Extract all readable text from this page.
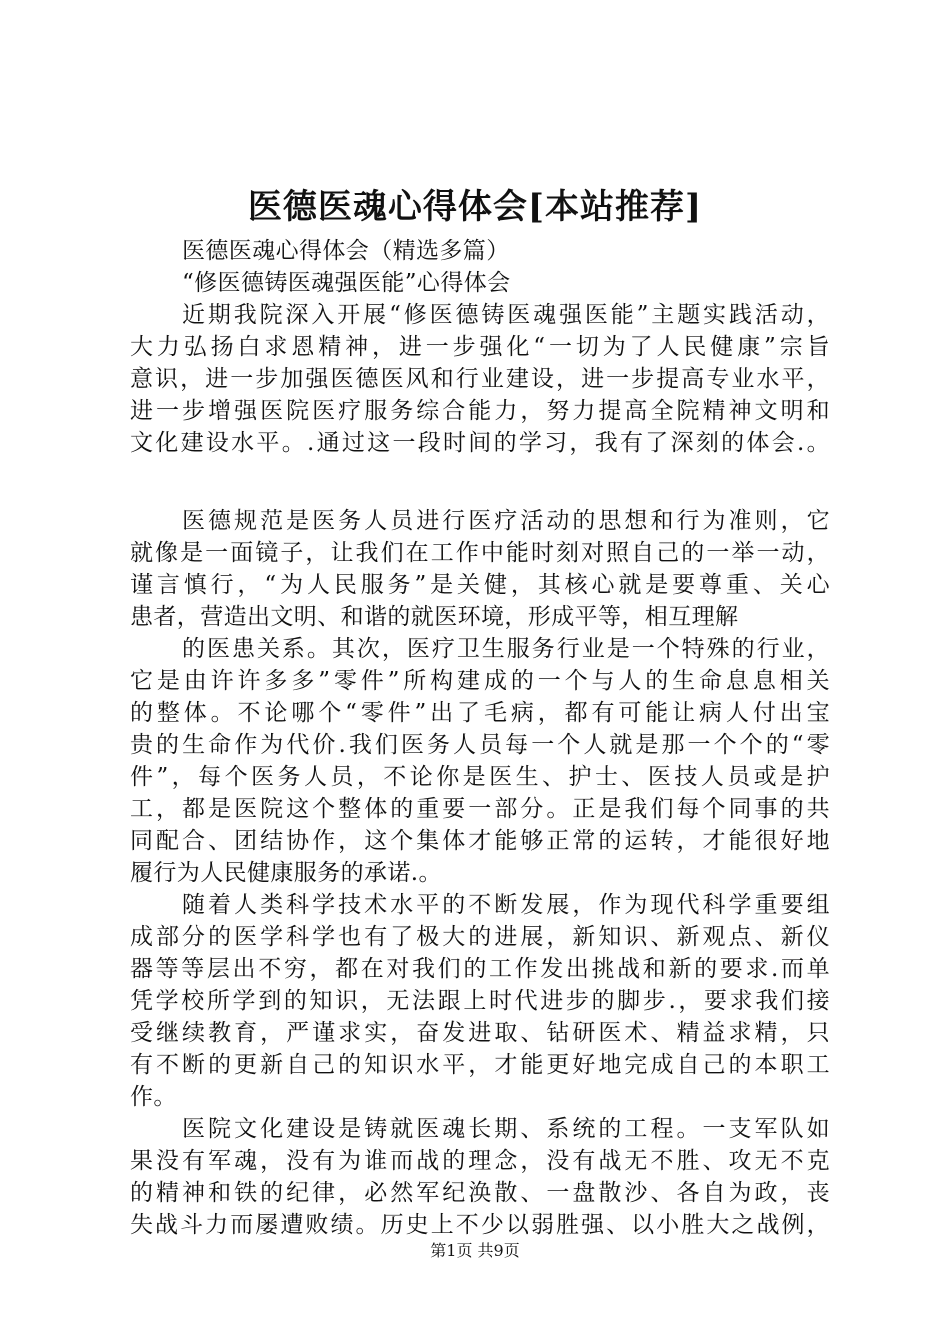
医德医魂心得体会[本站推荐]
医德医魂心得体会（精选多篇）
“修医德铸医魂强医能”心得体会
近期我院深入开展“修医德铸医魂强医能”主题实践活动，
大力弘扬白求恩精神，进一步强化“一切为了人民健康”宗旨
意识，进一步加强医德医风和行业建设，进一步提高专业水平，
进一步增强医院医疗服务综合能力，努力提高全院精神文明和
文化建设水平。.通过这一段时间的学习，我有了深刻的体会.。
医德规范是医务人员进行医疗活动的思想和行为准则，它
就像是一面镜子，让我们在工作中能时刻对照自己的一举一动，
谨言慎行，“为人民服务”是关健，其核心就是要尊重、关心
患者，营造出文明、和谐的就医环境，形成平等，相互理解
的医患关系。其次，医疗卫生服务行业是一个特殊的行业，
它是由许许多多”零件”所构建成的一个与人的生命息息相关
的整体。不论哪个“零件”出了毛病，都有可能让病人付出宝
贵的生命作为代价.我们医务人员每一个人就是那一个个的“零
件”，每个医务人员，不论你是医生、护士、医技人员或是护
工，都是医院这个整体的重要一部分。正是我们每个同事的共
同配合、团结协作，这个集体才能够正常的运转，才能很好地
履行为人民健康服务的承诺.。
随着人类科学技术水平的不断发展，作为现代科学重要组
成部分的医学科学也有了极大的进展，新知识、新观点、新仪
器等等层出不穷，都在对我们的工作发出挑战和新的要求.而单
凭学校所学到的知识，无法跟上时代进步的脚步.，要求我们接
受继续教育，严谨求实，奋发进取、钻研医术、精益求精，只
有不断的更新自己的知识水平，才能更好地完成自己的本职工
作。
医院文化建设是铸就医魂长期、系统的工程。一支军队如
果没有军魂，没有为谁而战的理念，没有战无不胜、攻无不克
的精神和铁的纪律，必然军纪涣散、一盘散沙、各自为政，丧
失战斗力而屡遭败绩。历史上不少以弱胜强、以小胜大之战例，
第1页 共9页
